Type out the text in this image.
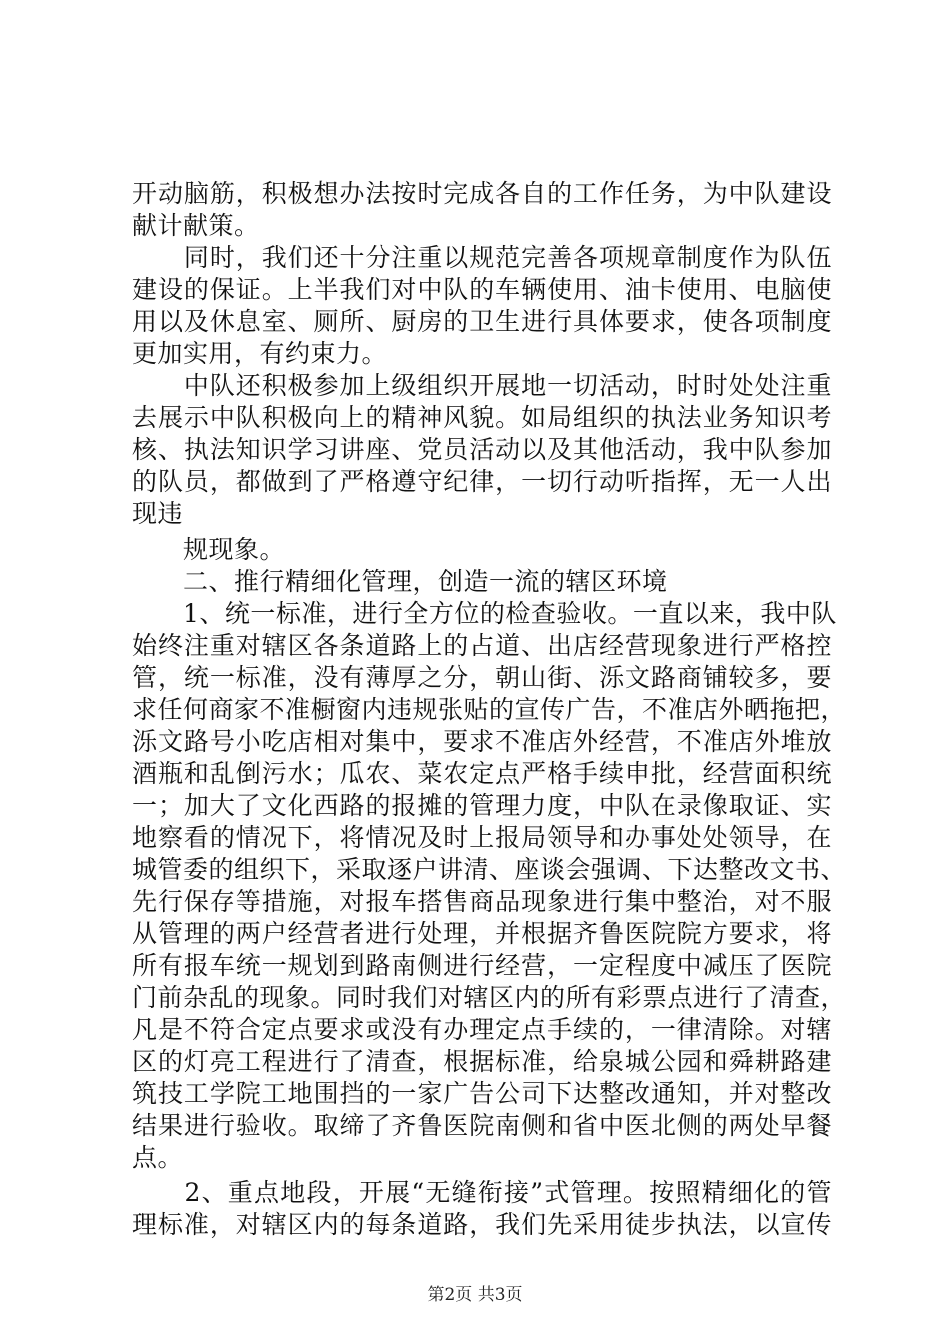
开动脑筋，积极想办法按时完成各自的工作任务，为中队建设
献计献策。
　　同时，我们还十分注重以规范完善各项规章制度作为队伍
建设的保证。上半我们对中队的车辆使用、油卡使用、电脑使
用以及休息室、厕所、厨房的卫生进行具体要求，使各项制度
更加实用，有约束力。
　　中队还积极参加上级组织开展地一切活动，时时处处注重
去展示中队积极向上的精神风貌。如局组织的执法业务知识考
核、执法知识学习讲座、党员活动以及其他活动，我中队参加
的队员，都做到了严格遵守纪律，一切行动听指挥，无一人出
现违
　　规现象。
　　二、推行精细化管理，创造一流的辖区环境
　　1、统一标准，进行全方位的检查验收。一直以来，我中队
始终注重对辖区各条道路上的占道、出店经营现象进行严格控
管，统一标准，没有薄厚之分，朝山街、泺文路商铺较多，要
求任何商家不准橱窗内违规张贴的宣传广告，不准店外晒拖把，
泺文路号小吃店相对集中，要求不准店外经营，不准店外堆放
酒瓶和乱倒污水；瓜农、菜农定点严格手续申批，经营面积统
一；加大了文化西路的报摊的管理力度，中队在录像取证、实
地察看的情况下，将情况及时上报局领导和办事处处领导，在
城管委的组织下，采取逐户讲清、座谈会强调、下达整改文书、
先行保存等措施，对报车搭售商品现象进行集中整治，对不服
从管理的两户经营者进行处理，并根据齐鲁医院院方要求，将
所有报车统一规划到路南侧进行经营，一定程度中减压了医院
门前杂乱的现象。同时我们对辖区内的所有彩票点进行了清查，
凡是不符合定点要求或没有办理定点手续的，一律清除。对辖
区的灯亮工程进行了清查，根据标准，给泉城公园和舜耕路建
筑技工学院工地围挡的一家广告公司下达整改通知，并对整改
结果进行验收。取缔了齐鲁医院南侧和省中医北侧的两处早餐
点。
　　2、重点地段，开展“无缝衔接”式管理。按照精细化的管
理标准，对辖区内的每条道路，我们先采用徒步执法，以宣传
第2页 共3页
